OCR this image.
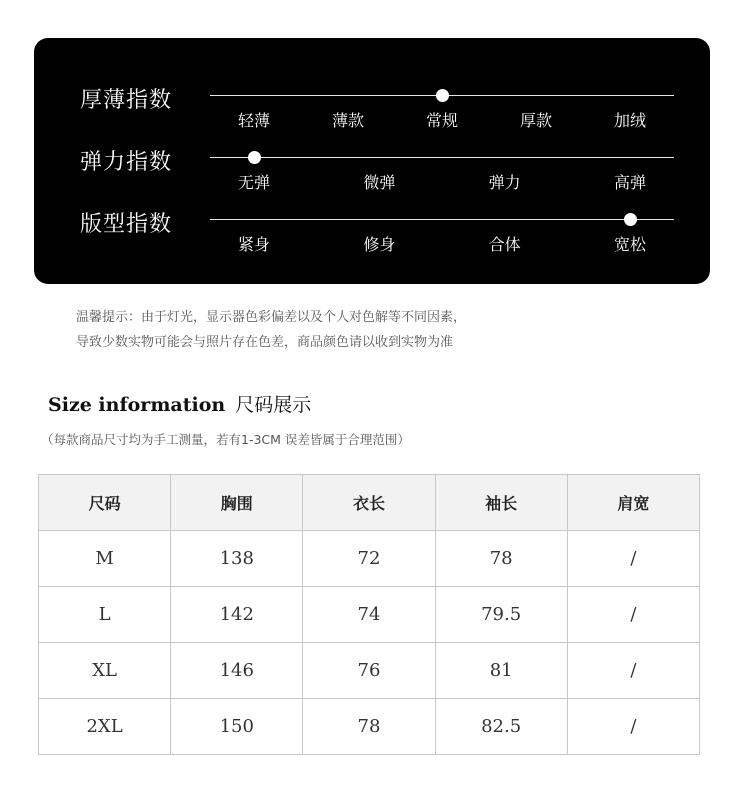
厚薄指数
轻薄	薄款	常规	厚款	加绒
弹力指数
无弹	微弹	弹力	高弹
版型指数
紧身	修身	合体	宽松
温馨提示：由于灯光，显示器色彩偏差以及个人对色解等不同因素，
导致少数实物可能会与照片存在色差，商品颜色请以收到实物为准
Size information 尺码展示
（每款商品尺寸均为手工测量，若有1-3CM 误差皆属于合理范围）
尺码	胸围	衣长	袖长	肩宽
M	138	72	78	/
L	142	74	79.5	/
XL	146	76	81	/
2XL	150	78	82.5	/
